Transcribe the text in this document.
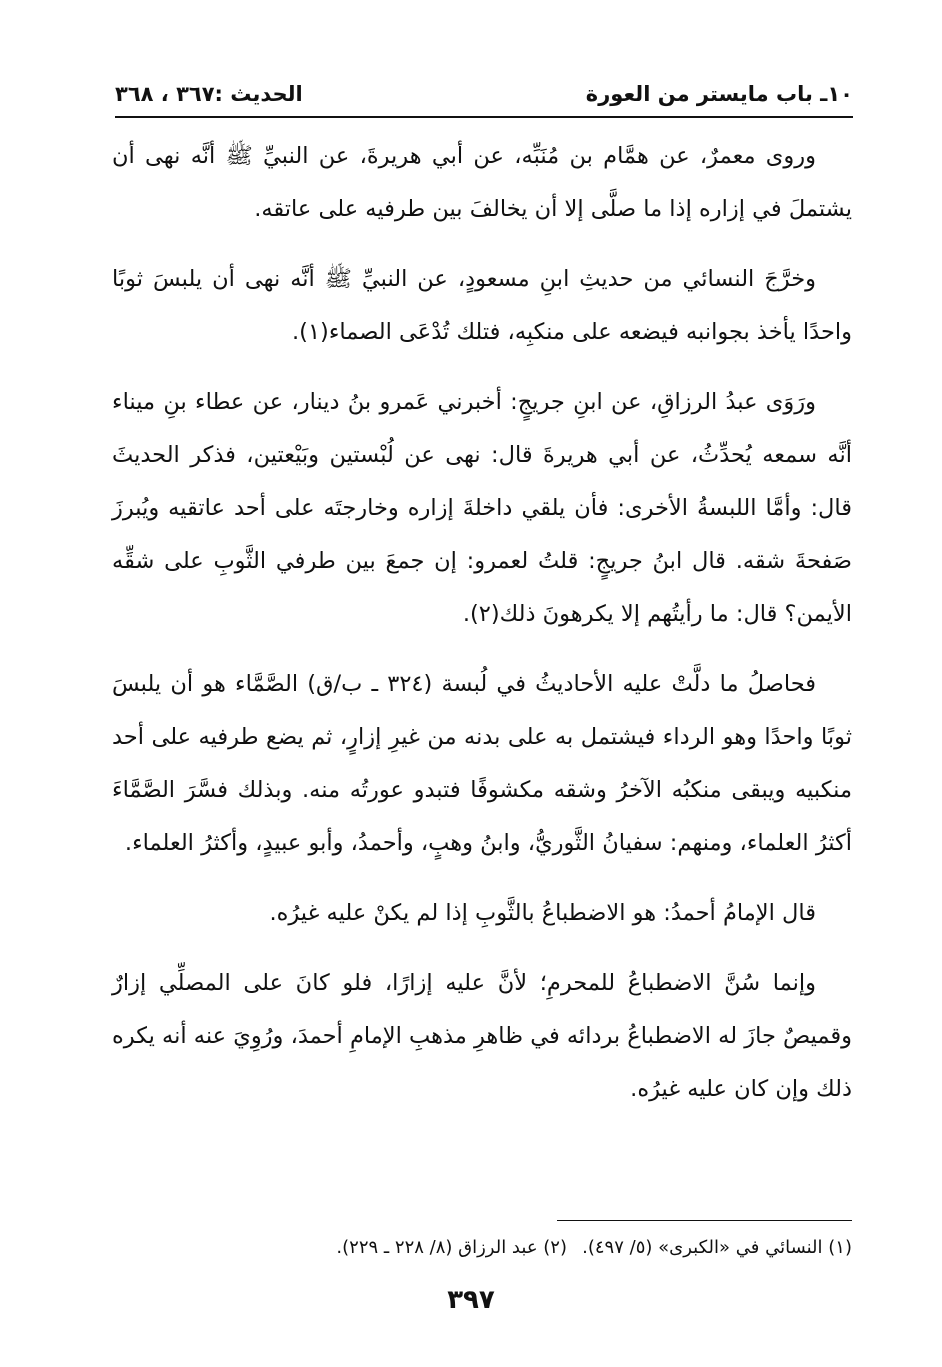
١٠ـ باب مايستر من العورة
الحديث :٣٦٧ ، ٣٦٨

وروى معمرٌ، عن همَّام بن مُنَبِّه، عن أبي هريرةَ، عن النبيِّ ﷺ أنَّه نهى أن يشتملَ في إزاره إذا ما صلَّى إلا أن يخالفَ بين طرفيه على عاتقه.

وخرَّجَ النسائي من حديثِ ابنِ مسعودٍ، عن النبيِّ ﷺ أنَّه نهى أن يلبسَ ثوبًا واحدًا يأخذ بجوانبه فيضعه على منكبِه، فتلك تُدْعَى الصماء(١).

ورَوَى عبدُ الرزاقِ، عن ابنِ جريجٍ: أخبرني عَمرو بنُ دينار، عن عطاء بنِ ميناء أنَّه سمعه يُحدِّثُ، عن أبي هريرةَ قال: نهى عن لُبْستين وبَيْعتين، فذكر الحديثَ قال: وأمَّا اللبسةُ الأخرى: فأن يلقي داخلةَ إزاره وخارجتَه على أحد عاتقيه ويُبرزَ صَفحةَ شقه. قال ابنُ جريجٍ: قلتُ لعمرو: إن جمعَ بين طرفي الثَّوبِ على شقِّه الأيمن؟ قال: ما رأيتُهم إلا يكرهونَ ذلك(٢).

فحاصلُ ما دلَّتْ عليه الأحاديثُ في لُبسة (٣٢٤ ـ ب/ق) الصَّمَّاء هو أن يلبسَ ثوبًا واحدًا وهو الرداء فيشتمل به على بدنه من غيرِ إزارٍ، ثم يضع طرفيه على أحد منكبيه ويبقى منكبُه الآخرُ وشقه مكشوفًا فتبدو عورتُه منه. وبذلك فسَّرَ الصَّمَّاءَ أكثرُ العلماء، ومنهم: سفيانُ الثَّوريُّ، وابنُ وهبٍ، وأحمدُ، وأبو عبيدٍ، وأكثرُ العلماء.

قال الإمامُ أحمدُ: هو الاضطباعُ بالثَّوبِ إذا لم يكنْ عليه غيرُه.

وإنما سُنَّ الاضطباعُ للمحرمِ؛ لأنَّ عليه إزارًا، فلو كانَ على المصلِّي إزارٌ وقميصٌ جازَ له الاضطباعُ بردائه في ظاهرِ مذهبِ الإمامِ أحمدَ، ورُوِيَ عنه أنه يكره ذلك وإن كان عليه غيرُه.

(١) النسائي في «الكبرى» (٥/ ٤٩٧).
(٢) عبد الرزاق (٨/ ٢٢٨ ـ ٢٢٩).
٣٩٧
